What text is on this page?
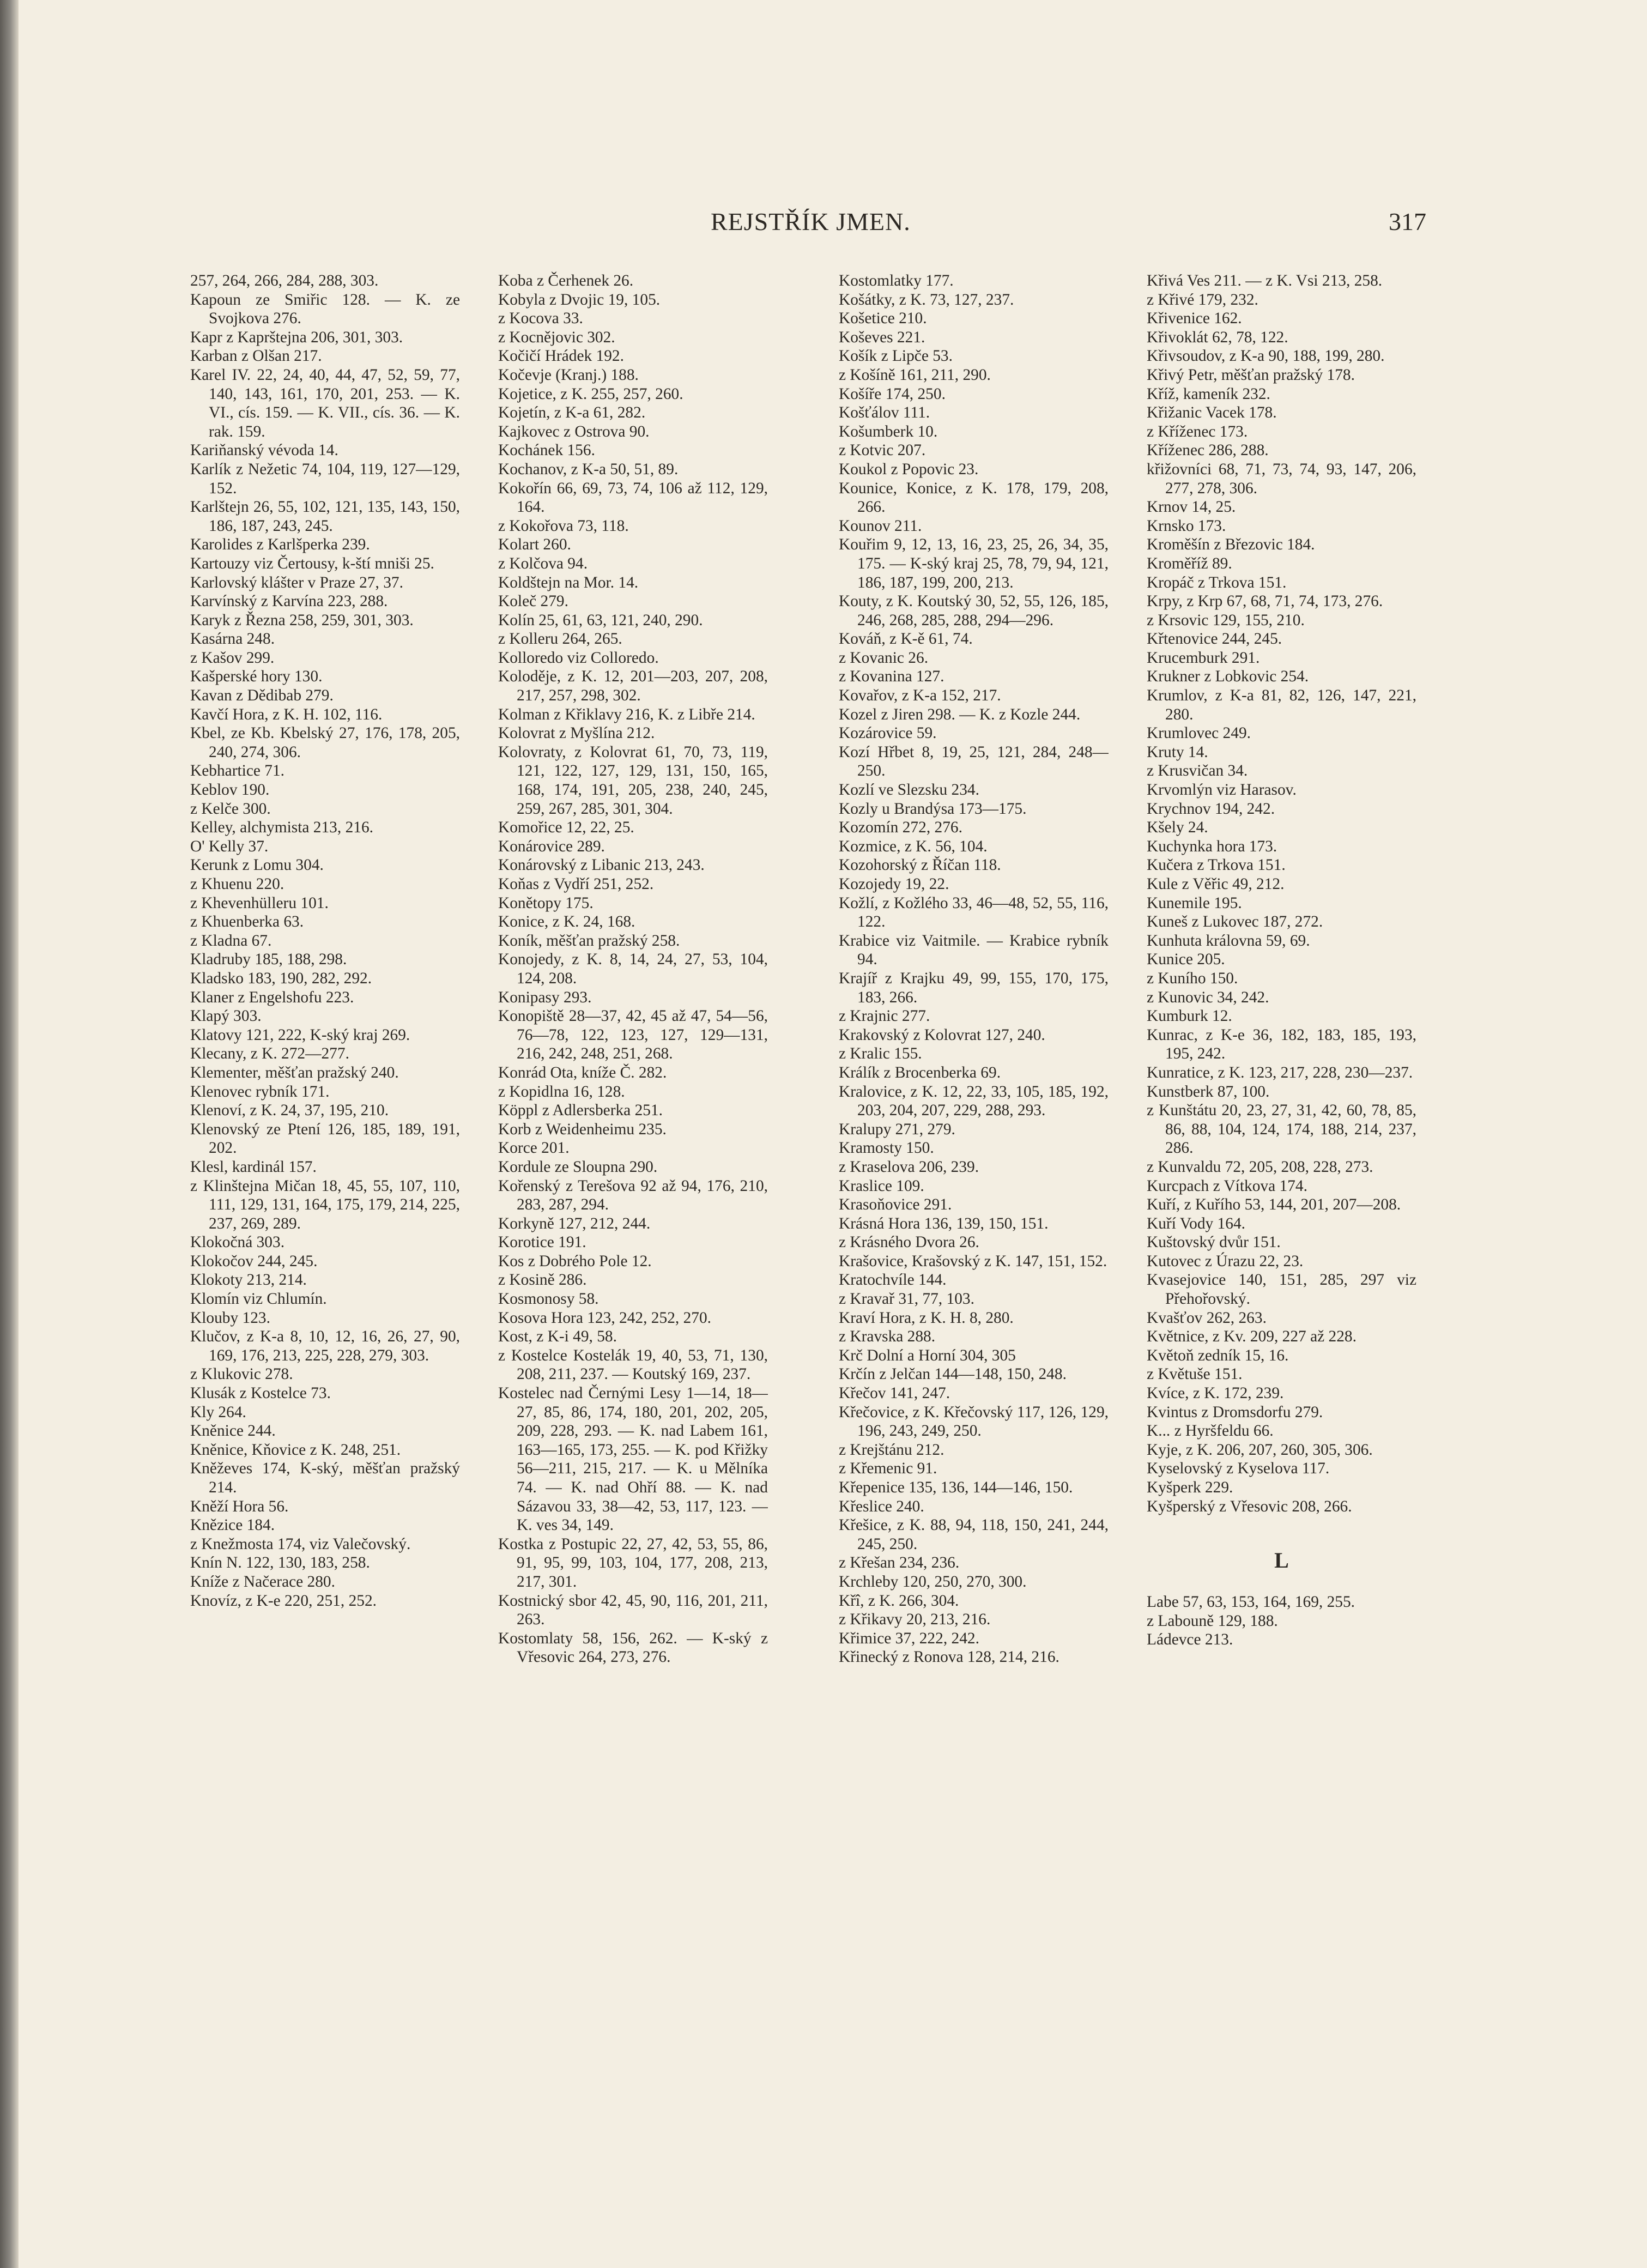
REJSTŘÍK JMEN.	317

257, 264, 266, 284, 288, 303.

Kapoun ze Smiřic 128. — K. ze Svojkova 276.

Kapr z Kaprštejna 206, 301, 303.

Karban z Olšan 217.

Karel IV. 22, 24, 40, 44, 47, 52, 59, 77, 140, 143, 161, 170, 201, 253. — K. VI., cís. 159. — K. VII., cís. 36. — K. rak. 159.

Kariňanský vévoda 14.

Karlík z Nežetic 74, 104, 119, 127—129, 152.

Karlštejn 26, 55, 102, 121, 135, 143, 150, 186, 187, 243, 245.

Karolides z Karlšperka 239.

Kartouzy viz Čertousy, k-ští mniši 25.

Karlovský klášter v Praze 27, 37.

Karvínský z Karvína 223, 288.

Karyk z Řezna 258, 259, 301, 303.

Kasárna 248.

z Kašov 299.

Kašperské hory 130.

Kavan z Dědibab 279.

Kavčí Hora, z K. H. 102, 116.

Kbel, ze Kb. Kbelský 27, 176, 178, 205, 240, 274, 306.

Kebhartice 71.

Keblov 190.

z Kelče 300.

Kelley, alchymista 213, 216.

O' Kelly 37.

Kerunk z Lomu 304.

z Khuenu 220.

z Khevenhülleru 101.

z Khuenberka 63.

z Kladna 67.

Kladruby 185, 188, 298.

Kladsko 183, 190, 282, 292.

Klaner z Engelshofu 223.

Klapý 303.

Klatovy 121, 222, K-ský kraj 269.

Klecany, z K. 272—277.

Klementer, měšťan pražský 240.

Klenovec rybník 171.

Klenoví, z K. 24, 37, 195, 210.

Klenovský ze Ptení 126, 185, 189, 191, 202.

Klesl, kardinál 157.

z Klinštejna Mičan 18, 45, 55, 107, 110, 111, 129, 131, 164, 175, 179, 214, 225, 237, 269, 289.

Klokočná 303.

Klokočov 244, 245.

Klokoty 213, 214.

Klomín viz Chlumín.

Klouby 123.

Klučov, z K-a 8, 10, 12, 16, 26, 27, 90, 169, 176, 213, 225, 228, 279, 303.

z Klukovic 278.

Klusák z Kostelce 73.

Kly 264.

Kněnice 244.

Kněnice, Kňovice z K. 248, 251.

Kněževes 174, K-ský, měšťan pražský 214.

Kněží Hora 56.

Knězice 184.

z Knežmosta 174, viz Valečovský.

Knín N. 122, 130, 183, 258.

Kníže z Načerace 280.

Knovíz, z K-e 220, 251, 252.

Koba z Čerhenek 26.

Kobyla z Dvojic 19, 105.

z Kocova 33.

z Kocnějovic 302.

Kočičí Hrádek 192.

Kočevje (Kranj.) 188.

Kojetice, z K. 255, 257, 260.

Kojetín, z K-a 61, 282.

Kajkovec z Ostrova 90.

Kochánek 156.

Kochanov, z K-a 50, 51, 89.

Kokořín 66, 69, 73, 74, 106 až 112, 129, 164.

z Kokořova 73, 118.

Kolart 260.

z Kolčova 94.

Koldštejn na Mor. 14.

Koleč 279.

Kolín 25, 61, 63, 121, 240, 290.

z Kolleru 264, 265.

Kolloredo viz Colloredo.

Koloděje, z K. 12, 201—203, 207, 208, 217, 257, 298, 302.

Kolman z Křiklavy 216, K. z Libře 214.

Kolovrat z Myšlína 212.

Kolovraty, z Kolovrat 61, 70, 73, 119, 121, 122, 127, 129, 131, 150, 165, 168, 174, 191, 205, 238, 240, 245, 259, 267, 285, 301, 304.

Komořice 12, 22, 25.

Konárovice 289.

Konárovský z Libanic 213, 243.

Koňas z Vydří 251, 252.

Konětopy 175.

Konice, z K. 24, 168.

Koník, měšťan pražský 258.

Konojedy, z K. 8, 14, 24, 27, 53, 104, 124, 208.

Konipasy 293.

Konopiště 28—37, 42, 45 až 47, 54—56, 76—78, 122, 123, 127, 129—131, 216, 242, 248, 251, 268.

Konrád Ota, kníže Č. 282.

z Kopidlna 16, 128.

Köppl z Adlersberka 251.

Korb z Weidenheimu 235.

Korce 201.

Kordule ze Sloupna 290.

Kořenský z Terešova 92 až 94, 176, 210, 283, 287, 294.

Korkyně 127, 212, 244.

Korotice 191.

Kos z Dobrého Pole 12.

z Kosině 286.

Kosmonosy 58.

Kosova Hora 123, 242, 252, 270.

Kost, z K-i 49, 58.

z Kostelce Kostelák 19, 40, 53, 71, 130, 208, 211, 237. — Koutský 169, 237.

Kostelec nad Černými Lesy 1—14, 18—27, 85, 86, 174, 180, 201, 202, 205, 209, 228, 293. — K. nad Labem 161, 163—165, 173, 255. — K. pod Křižky 56—211, 215, 217. — K. u Mělníka 74. — K. nad Ohří 88. — K. nad Sázavou 33, 38—42, 53, 117, 123. — K. ves 34, 149.

Kostka z Postupic 22, 27, 42, 53, 55, 86, 91, 95, 99, 103, 104, 177, 208, 213, 217, 301.

Kostnický sbor 42, 45, 90, 116, 201, 211, 263.

Kostomlaty 58, 156, 262. — K-ský z Vřesovic 264, 273, 276.

Kostomlatky 177.

Košátky, z K. 73, 127, 237.

Košetice 210.

Koševes 221.

Košík z Lipče 53.

z Košíně 161, 211, 290.

Košíře 174, 250.

Košťálov 111.

Košumberk 10.

z Kotvic 207.

Koukol z Popovic 23.

Kounice, Konice, z K. 178, 179, 208, 266.

Kounov 211.

Kouřim 9, 12, 13, 16, 23, 25, 26, 34, 35, 175. — K-ský kraj 25, 78, 79, 94, 121, 186, 187, 199, 200, 213.

Kouty, z K. Koutský 30, 52, 55, 126, 185, 246, 268, 285, 288, 294—296.

Kováň, z K-ě 61, 74.

z Kovanic 26.

z Kovanina 127.

Kovařov, z K-a 152, 217.

Kozel z Jiren 298. — K. z Kozle 244.

Kozárovice 59.

Kozí Hřbet 8, 19, 25, 121, 284, 248—250.

Kozlí ve Slezsku 234.

Kozly u Brandýsa 173—175.

Kozomín 272, 276.

Kozmice, z K. 56, 104.

Kozohorský z Říčan 118.

Kozojedy 19, 22.

Kožlí, z Kožlého 33, 46—48, 52, 55, 116, 122.

Krabice viz Vaitmile. — Krabice rybník 94.

Krajíř z Krajku 49, 99, 155, 170, 175, 183, 266.

z Krajnic 277.

Krakovský z Kolovrat 127, 240.

z Kralic 155.

Králík z Brocenberka 69.

Kralovice, z K. 12, 22, 33, 105, 185, 192, 203, 204, 207, 229, 288, 293.

Kralupy 271, 279.

Kramosty 150.

z Kraselova 206, 239.

Kraslice 109.

Krasoňovice 291.

Krásná Hora 136, 139, 150, 151.

z Krásného Dvora 26.

Krašovice, Krašovský z K. 147, 151, 152.

Kratochvíle 144.

z Kravař 31, 77, 103.

Kraví Hora, z K. H. 8, 280.

z Kravska 288.

Krč Dolní a Horní 304, 305

Krčín z Jelčan 144—148, 150, 248.

Křečov 141, 247.

Křečovice, z K. Křečovský 117, 126, 129, 196, 243, 249, 250.

z Krejštánu 212.

z Křemenic 91.

Křepenice 135, 136, 144—146, 150.

Křeslice 240.

Křešice, z K. 88, 94, 118, 150, 241, 244, 245, 250.

z Křešan 234, 236.

Krchleby 120, 250, 270, 300.

Křî, z K. 266, 304.

z Křikavy 20, 213, 216.

Křimice 37, 222, 242.

Křinecký z Ronova 128, 214, 216.

Křivá Ves 211. — z K. Vsi 213, 258.

z Křivé 179, 232.

Křivenice 162.

Křivoklát 62, 78, 122.

Křivsoudov, z K-a 90, 188, 199, 280.

Křivý Petr, měšťan pražský 178.

Kříž, kameník 232.

Křižanic Vacek 178.

z Kříženec 173.

Kříženec 286, 288.

křižovníci 68, 71, 73, 74, 93, 147, 206, 277, 278, 306.

Krnov 14, 25.

Krnsko 173.

Kroměšín z Březovic 184.

Kroměříž 89.

Kropáč z Trkova 151.

Krpy, z Krp 67, 68, 71, 74, 173, 276.

z Krsovic 129, 155, 210.

Křtenovice 244, 245.

Krucemburk 291.

Krukner z Lobkovic 254.

Krumlov, z K-a 81, 82, 126, 147, 221, 280.

Krumlovec 249.

Kruty 14.

z Krusvičan 34.

Krvomlýn viz Harasov.

Krychnov 194, 242.

Kšely 24.

Kuchynka hora 173.

Kučera z Trkova 151.

Kule z Věřic 49, 212.

Kunemile 195.

Kuneš z Lukovec 187, 272.

Kunhuta královna 59, 69.

Kunice 205.

z Kuního 150.

z Kunovic 34, 242.

Kumburk 12.

Kunrac, z K-e 36, 182, 183, 185, 193, 195, 242.

Kunratice, z K. 123, 217, 228, 230—237.

Kunstberk 87, 100.

z Kunštátu 20, 23, 27, 31, 42, 60, 78, 85, 86, 88, 104, 124, 174, 188, 214, 237, 286.

z Kunvaldu 72, 205, 208, 228, 273.

Kurcpach z Vítkova 174.

Kuří, z Kuřího 53, 144, 201, 207—208.

Kuří Vody 164.

Kuštovský dvůr 151.

Kutovec z Úrazu 22, 23.

Kvasejovice 140, 151, 285, 297 viz Přehořovský.

Kvašťov 262, 263.

Květnice, z Kv. 209, 227 až 228.

Květoň zedník 15, 16.

z Květuše 151.

Kvíce, z K. 172, 239.

Kvintus z Dromsdorfu 279.

K... z Hyršfeldu 66.

Kyje, z K. 206, 207, 260, 305, 306.

Kyselovský z Kyselova 117.

Kyšperk 229.

Kyšperský z Vřesovic 208, 266.

L

Labe 57, 63, 153, 164, 169, 255.

z Labouně 129, 188.

Ládevce 213.
